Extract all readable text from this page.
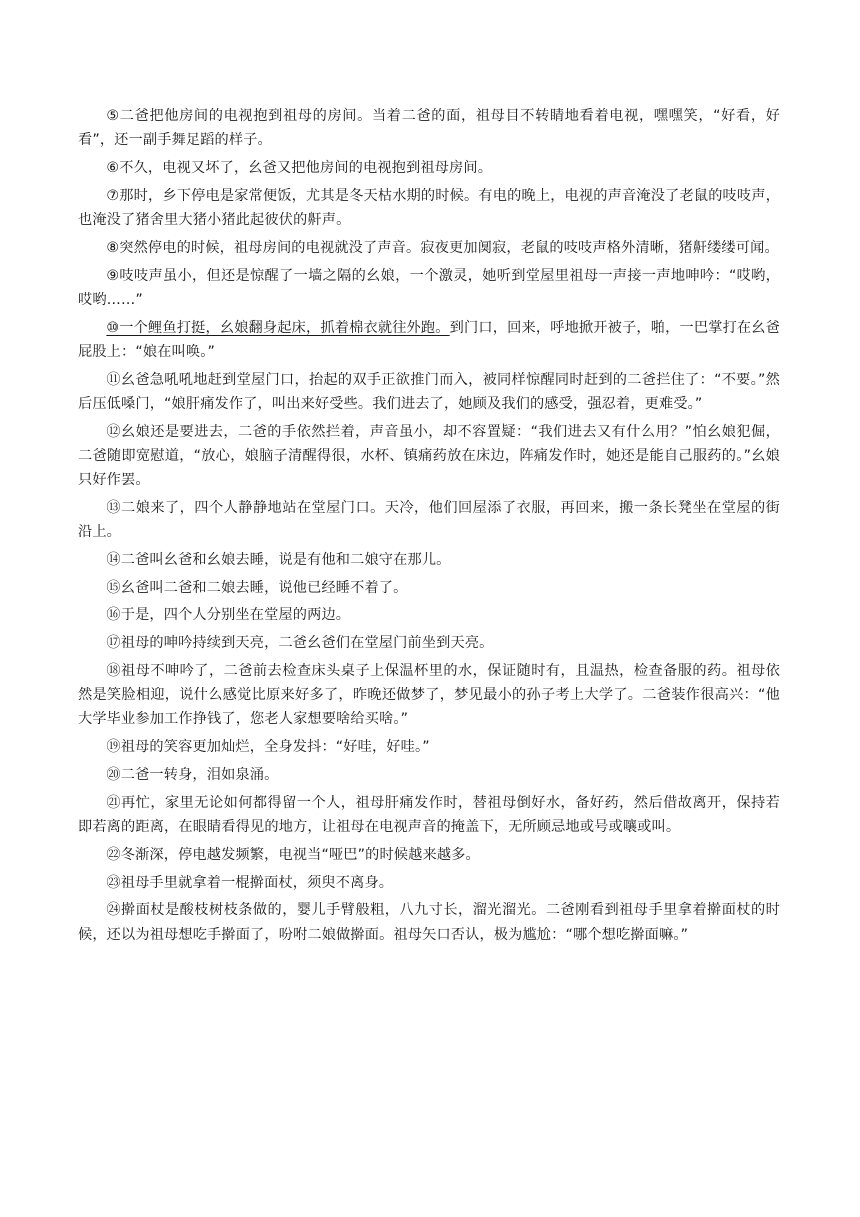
⑤二爸把他房间的电视抱到祖母的房间。当着二爸的面，祖母目不转睛地看着电视，嘿嘿笑，“好看，好看”，还一副手舞足蹈的样子。

⑥不久，电视又坏了，幺爸又把他房间的电视抱到祖母房间。

⑦那时，乡下停电是家常便饭，尤其是冬天枯水期的时候。有电的晚上，电视的声音淹没了老鼠的吱吱声，也淹没了猪舍里大猪小猪此起彼伏的鼾声。

⑧突然停电的时候，祖母房间的电视就没了声音。寂夜更加阒寂，老鼠的吱吱声格外清晰，猪鼾缕缕可闻。

⑨吱吱声虽小，但还是惊醒了一墙之隔的幺娘，一个激灵，她听到堂屋里祖母一声接一声地呻吟：“哎哟，哎哟……”

⑩一个鲤鱼打挺，幺娘翻身起床，抓着棉衣就往外跑。到门口，回来，呼地掀开被子，啪，一巴掌打在幺爸屁股上：“娘在叫唤。”

⑪幺爸急吼吼地赶到堂屋门口，抬起的双手正欲推门而入，被同样惊醒同时赶到的二爸拦住了：“不要。”然后压低嗓门，“娘肝痛发作了，叫出来好受些。我们进去了，她顾及我们的感受，强忍着，更难受。”

⑫幺娘还是要进去，二爸的手依然拦着，声音虽小，却不容置疑：“我们进去又有什么用？”怕幺娘犯倔，二爸随即宽慰道，“放心，娘脑子清醒得很，水杯、镇痛药放在床边，阵痛发作时，她还是能自己服药的。”幺娘只好作罢。

⑬二娘来了，四个人静静地站在堂屋门口。天冷，他们回屋添了衣服，再回来，搬一条长凳坐在堂屋的街沿上。

⑭二爸叫幺爸和幺娘去睡，说是有他和二娘守在那儿。

⑮幺爸叫二爸和二娘去睡，说他已经睡不着了。

⑯于是，四个人分别坐在堂屋的两边。

⑰祖母的呻吟持续到天亮，二爸幺爸们在堂屋门前坐到天亮。

⑱祖母不呻吟了，二爸前去检查床头桌子上保温杯里的水，保证随时有，且温热，检查备服的药。祖母依然是笑脸相迎，说什么感觉比原来好多了，昨晚还做梦了，梦见最小的孙子考上大学了。二爸装作很高兴：“他大学毕业参加工作挣钱了，您老人家想要啥给买啥。”

⑲祖母的笑容更加灿烂，全身发抖：“好哇，好哇。”

⑳二爸一转身，泪如泉涌。

㉑再忙，家里无论如何都得留一个人，祖母肝痛发作时，替祖母倒好水，备好药，然后借故离开，保持若即若离的距离，在眼睛看得见的地方，让祖母在电视声音的掩盖下，无所顾忌地或号或嚷或叫。

㉒冬渐深，停电越发频繁，电视当“哑巴”的时候越来越多。

㉓祖母手里就拿着一棍擀面杖，须臾不离身。

㉔擀面杖是酸枝树枝条做的，婴儿手臂般粗，八九寸长，溜光溜光。二爸刚看到祖母手里拿着擀面杖的时候，还以为祖母想吃手擀面了，吩咐二娘做擀面。祖母矢口否认，极为尴尬：“哪个想吃擀面嘛。”
